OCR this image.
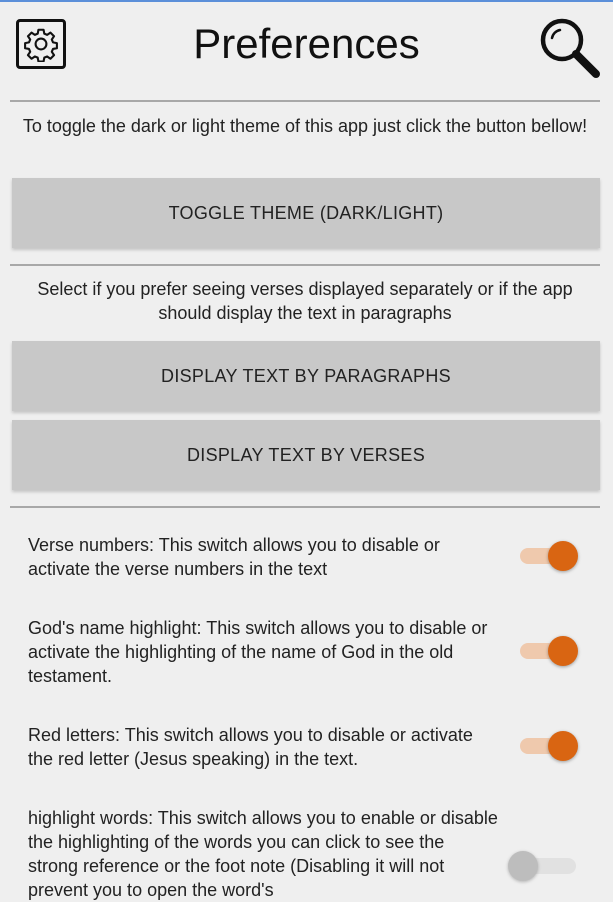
Preferences
To toggle the dark or light theme of this app just click the button bellow!
TOGGLE THEME (DARK/LIGHT)
Select if you prefer seeing verses displayed separately or if the app should display the text in paragraphs
DISPLAY TEXT BY PARAGRAPHS
DISPLAY TEXT BY VERSES
Verse numbers: This switch allows you to disable or activate the verse numbers in the text
God's name highlight: This switch allows you to disable or activate the highlighting of the name of God in the old testament.
Red letters: This switch allows you to disable or activate the red letter (Jesus speaking) in the text.
highlight words: This switch allows you to enable or disable the highlighting of the words you can click to see the strong reference or the foot note (Disabling it will not prevent you to open the word's
